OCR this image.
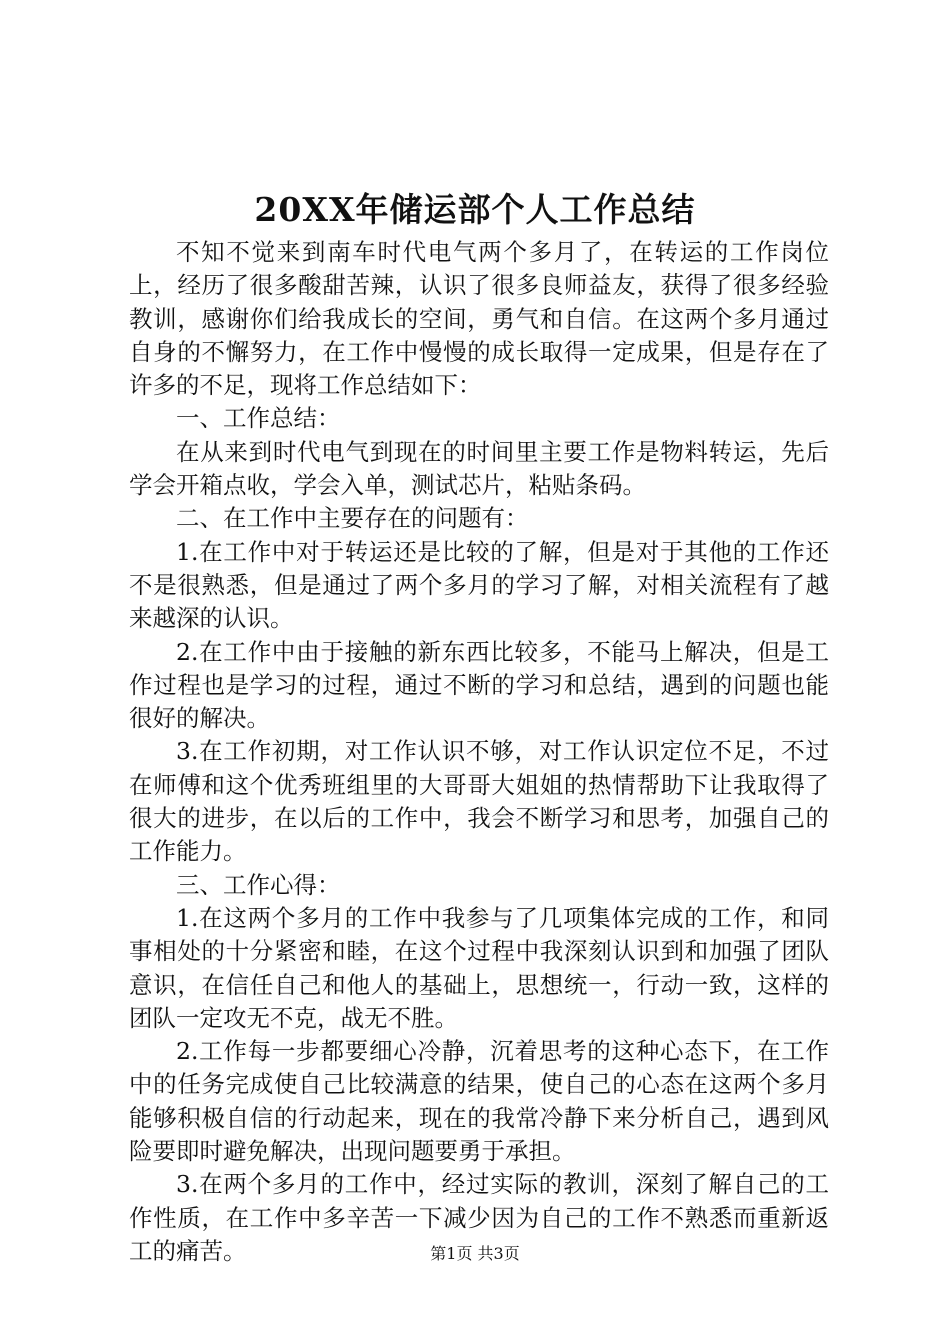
20XX年储运部个人工作总结

不知不觉来到南车时代电气两个多月了，在转运的工作岗位上，经历了很多酸甜苦辣，认识了很多良师益友，获得了很多经验教训，感谢你们给我成长的空间，勇气和自信。在这两个多月通过自身的不懈努力，在工作中慢慢的成长取得一定成果，但是存在了许多的不足，现将工作总结如下：

一、工作总结：

在从来到时代电气到现在的时间里主要工作是物料转运，先后学会开箱点收，学会入单，测试芯片，粘贴条码。

二、在工作中主要存在的问题有：

1.在工作中对于转运还是比较的了解，但是对于其他的工作还不是很熟悉，但是通过了两个多月的学习了解，对相关流程有了越来越深的认识。

2.在工作中由于接触的新东西比较多，不能马上解决，但是工作过程也是学习的过程，通过不断的学习和总结，遇到的问题也能很好的解决。

3.在工作初期，对工作认识不够，对工作认识定位不足，不过在师傅和这个优秀班组里的大哥哥大姐姐的热情帮助下让我取得了很大的进步，在以后的工作中，我会不断学习和思考，加强自己的工作能力。

三、工作心得：

1.在这两个多月的工作中我参与了几项集体完成的工作，和同事相处的十分紧密和睦，在这个过程中我深刻认识到和加强了团队意识，在信任自己和他人的基础上，思想统一，行动一致，这样的团队一定攻无不克，战无不胜。

2.工作每一步都要细心冷静，沉着思考的这种心态下，在工作中的任务完成使自己比较满意的结果，使自己的心态在这两个多月能够积极自信的行动起来，现在的我常冷静下来分析自己，遇到风险要即时避免解决，出现问题要勇于承担。

3.在两个多月的工作中，经过实际的教训，深刻了解自己的工作性质，在工作中多辛苦一下减少因为自己的工作不熟悉而重新返工的痛苦。	第1页 共3页
